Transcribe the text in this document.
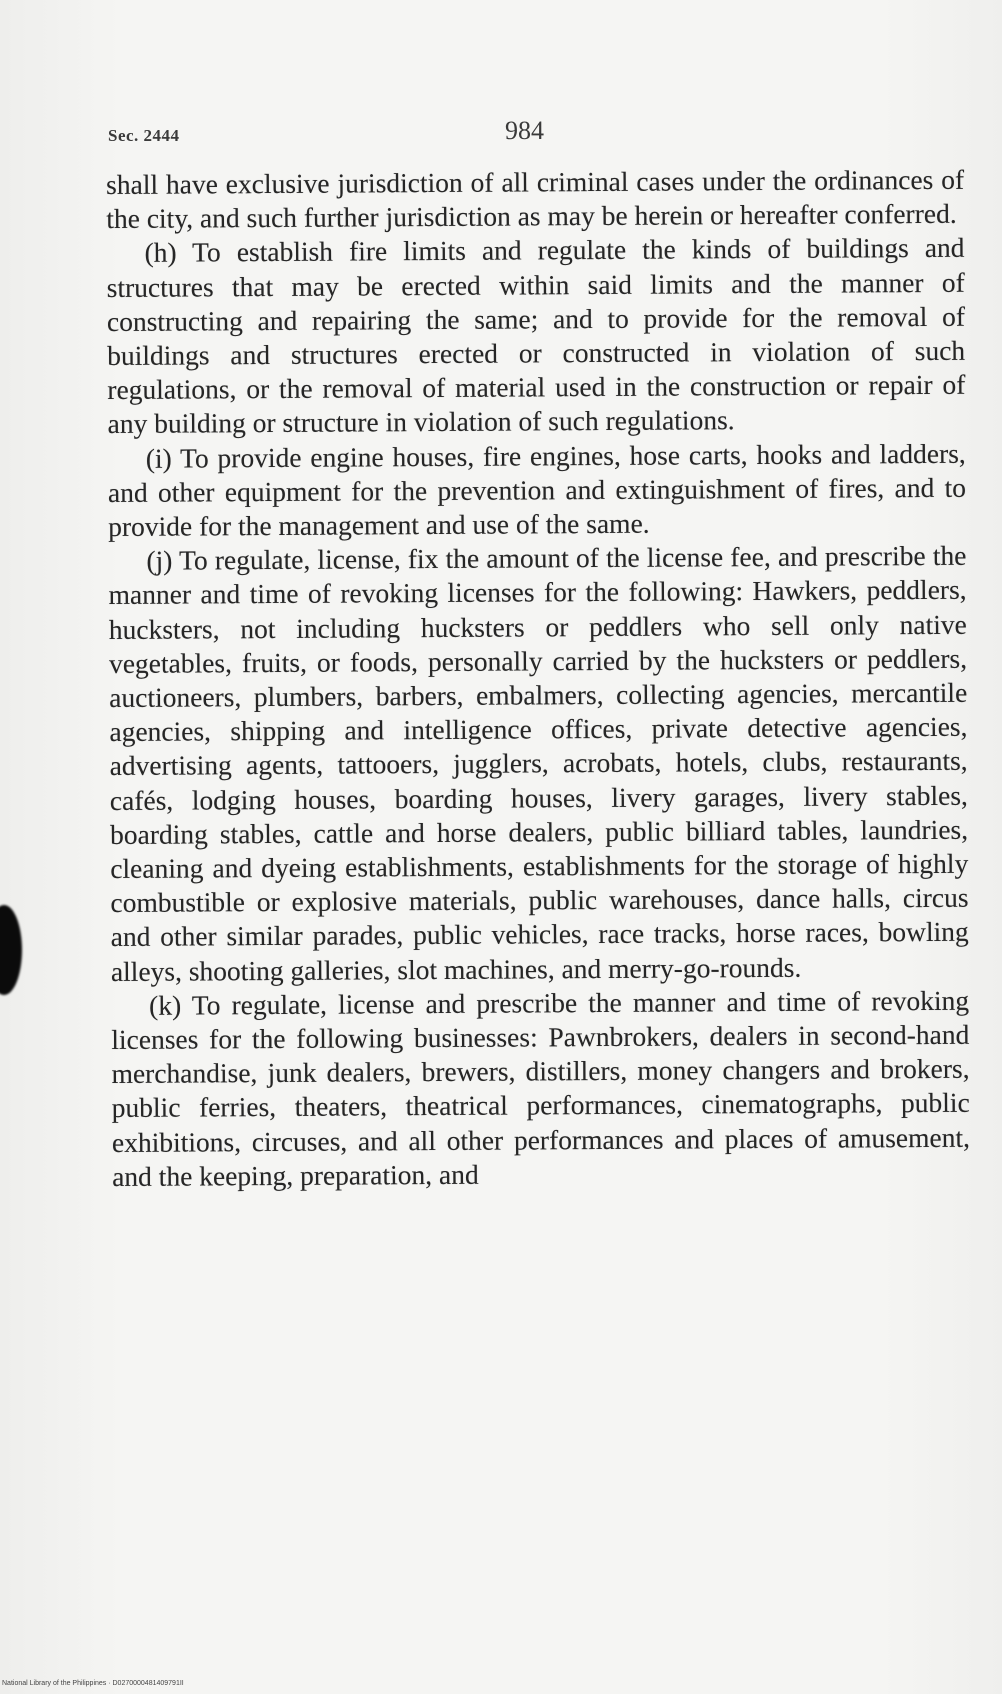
Sec. 2444	984

shall have exclusive jurisdiction of all criminal cases under the ordinances of the city, and such further jurisdiction as may be herein or hereafter conferred.

(h) To establish fire limits and regulate the kinds of buildings and structures that may be erected within said limits and the manner of constructing and repairing the same; and to provide for the removal of buildings and structures erected or constructed in violation of such regulations, or the removal of material used in the construction or repair of any building or structure in violation of such regulations.

(i) To provide engine houses, fire engines, hose carts, hooks and ladders, and other equipment for the prevention and extinguishment of fires, and to provide for the management and use of the same.

(j) To regulate, license, fix the amount of the license fee, and prescribe the manner and time of revoking licenses for the following: Hawkers, peddlers, hucksters, not including hucksters or peddlers who sell only native vegetables, fruits, or foods, personally carried by the hucksters or peddlers, auctioneers, plumbers, barbers, embalmers, collecting agencies, mercantile agencies, shipping and intelligence offices, private detective agencies, advertising agents, tattooers, jugglers, acrobats, hotels, clubs, restaurants, cafés, lodging houses, boarding houses, livery garages, livery stables, boarding stables, cattle and horse dealers, public billiard tables, laundries, cleaning and dyeing establishments, establishments for the storage of highly combustible or explosive materials, public warehouses, dance halls, circus and other similar parades, public vehicles, race tracks, horse races, bowling alleys, shooting galleries, slot machines, and merry-go-rounds.

(k) To regulate, license and prescribe the manner and time of revoking licenses for the following businesses: Pawnbrokers, dealers in second-hand merchandise, junk dealers, brewers, distillers, money changers and brokers, public ferries, theaters, theatrical performances, cinematographs, public exhibitions, circuses, and all other performances and places of amusement, and the keeping, preparation, and

National Library of the Philippines · D0270000481409791II
